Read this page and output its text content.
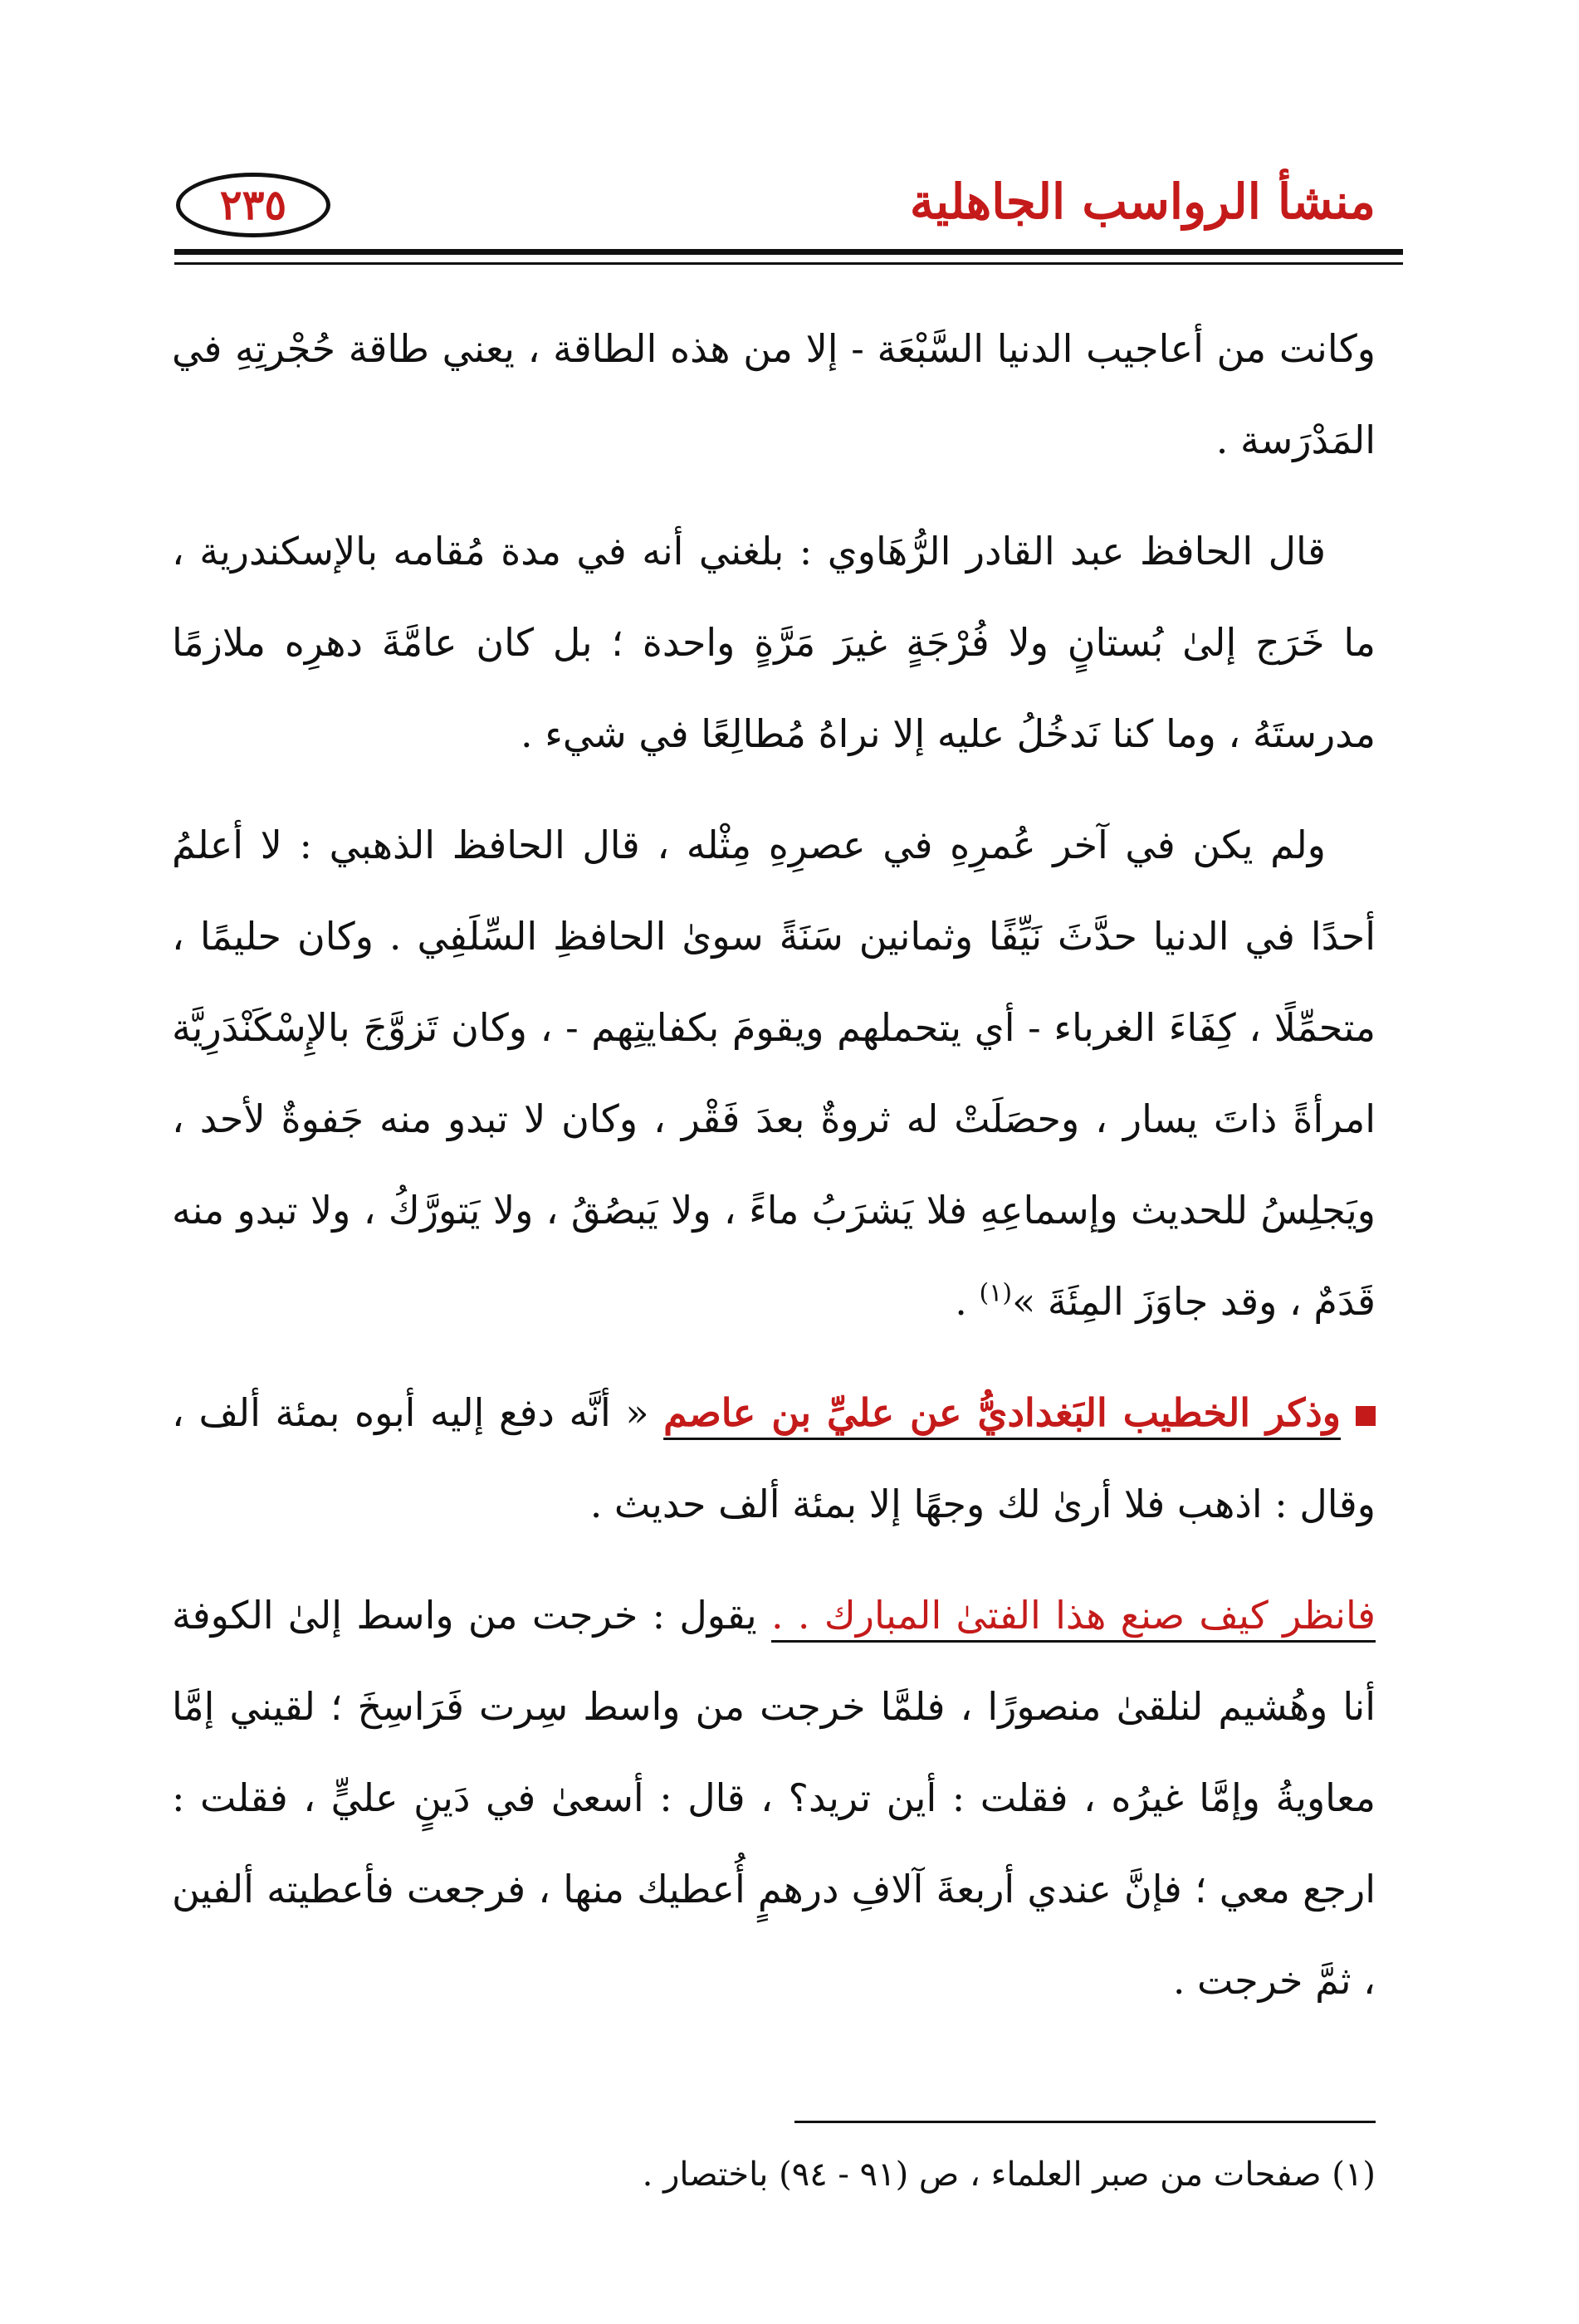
منشأ الرواسب الجاهلية
٢٣٥

وكانت من أعاجيب الدنيا السَّبْعَة - إلا من هذه الطاقة ، يعني طاقة حُجْرتِهِ في المَدْرَسة .

قال الحافظ عبد القادر الرُّهَاوي : بلغني أنه في مدة مُقامه بالإسكندرية ، ما خَرَج إلىٰ بُستانٍ ولا فُرْجَةٍ غيرَ مَرَّةٍ واحدة ؛ بل كان عامَّةَ دهرِه ملازمًا مدرستَهُ ، وما كنا نَدخُلُ عليه إلا نراهُ مُطالِعًا في شيء .

ولم يكن في آخر عُمرِهِ في عصرِهِ مِثْله ، قال الحافظ الذهبي : لا أعلمُ أحدًا في الدنيا حدَّثَ نَيِّفًا وثمانين سَنَةً سوىٰ الحافظِ السِّلَفِي . وكان حليمًا ، متحمِّلًا ، كِفَاءَ الغرباء - أي يتحملهم ويقومَ بكفايتِهم - ، وكان تَزوَّجَ بالإِسْكَنْدَرِيَّة امرأةً ذاتَ يسار ، وحصَلَتْ له ثروةٌ بعدَ فَقْر ، وكان لا تبدو منه جَفوةٌ لأحد ، ويَجلِسُ للحديث وإسماعِهِ فلا يَشرَبُ ماءً ، ولا يَبصُقُ ، ولا يَتورَّكُ ، ولا تبدو منه قَدَمٌ ، وقد جاوَزَ المِئَةَ »$^{(١)}$ .

وذكر الخطيب البَغداديُّ عن عليِّ بن عاصم « أنَّه دفع إليه أبوه بمئة ألف ، وقال : اذهب فلا أرىٰ لك وجهًا إلا بمئة ألف حديث .

فانظر كيف صنع هذا الفتىٰ المبارك . . يقول : خرجت من واسط إلىٰ الكوفة أنا وهُشيم لنلقىٰ منصورًا ، فلمَّا خرجت من واسط سِرت فَرَاسِخَ ؛ لقيني إمَّا معاويةُ وإمَّا غيرُه ، فقلت : أين تريد؟ ، قال : أسعىٰ في دَينٍ عليٍّ ، فقلت : ارجع معي ؛ فإنَّ عندي أربعةَ آلافِ درهمٍ أُعطيك منها ، فرجعت فأعطيته ألفين ، ثمَّ خرجت .

(١) صفحات من صبر العلماء ، ص (٩١ - ٩٤) باختصار .
